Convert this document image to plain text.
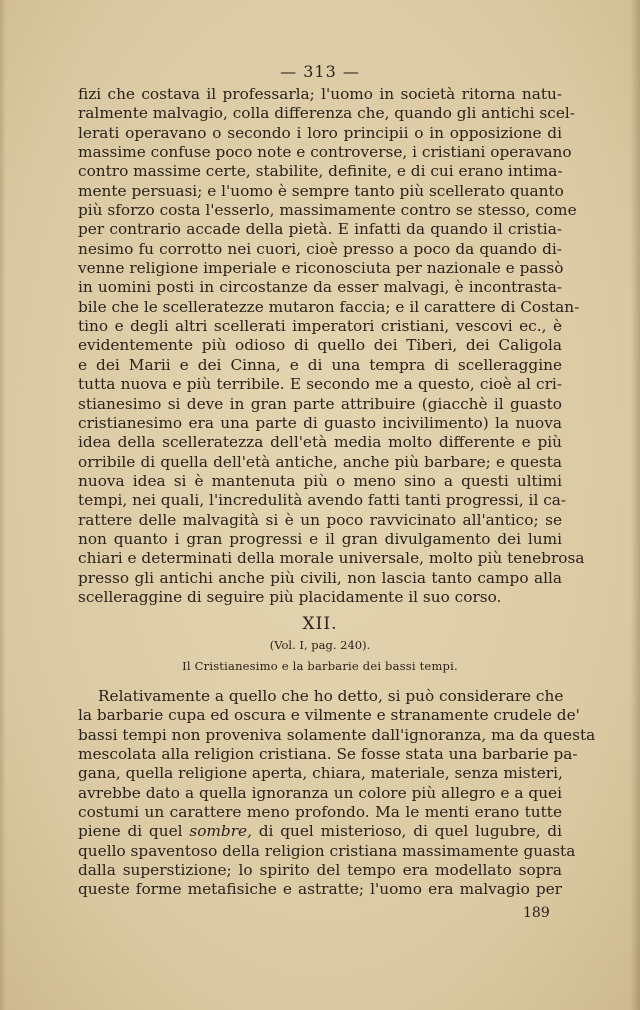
— 313 —
fizi che costava il professarla; l'uomo in società ritorna natu-
ralmente malvagio, colla differenza che, quando gli antichi scel-
lerati operavano o secondo i loro principii o in opposizione di
massime confuse poco note e controverse, i cristiani operavano
contro massime certe, stabilite, definite, e di cui erano intima-
mente persuasi; e l'uomo è sempre tanto più scellerato quanto
più sforzo costa l'esserlo, massimamente contro se stesso, come
per contrario accade della pietà. E infatti da quando il cristia-
nesimo fu corrotto nei cuori, cioè presso a poco da quando di-
venne religione imperiale e riconosciuta per nazionale e passò
in uomini posti in circostanze da esser malvagi, è incontrasta-
bile che le scelleratezze mutaron faccia; e il carattere di Costan-
tino e degli altri scellerati imperatori cristiani, vescovi ec., è
evidentemente più odioso di quello dei Tiberi, dei Caligola
e dei Marii e dei Cinna, e di una tempra di scelleraggine
tutta nuova e più terribile. E secondo me a questo, cioè al cri-
stianesimo si deve in gran parte attribuire (giacchè il guasto
cristianesimo era una parte di guasto incivilimento) la nuova
idea della scelleratezza dell'età media molto differente e più
orribile di quella dell'età antiche, anche più barbare; e questa
nuova idea si è mantenuta più o meno sino a questi ultimi
tempi, nei quali, l'incredulità avendo fatti tanti progressi, il ca-
rattere delle malvagità si è un poco ravvicinato all'antico; se
non quanto i gran progressi e il gran divulgamento dei lumi
chiari e determinati della morale universale, molto più tenebrosa
presso gli antichi anche più civili, non lascia tanto campo alla
scelleraggine di seguire più placidamente il suo corso.
XII.
(Vol. I, pag. 240).
Il Cristianesimo e la barbarie dei bassi tempi.
Relativamente a quello che ho detto, si può considerare che
la barbarie cupa ed oscura e vilmente e stranamente crudele de'
bassi tempi non proveniva solamente dall'ignoranza, ma da questa
mescolata alla religion cristiana. Se fosse stata una barbarie pa-
gana, quella religione aperta, chiara, materiale, senza misteri,
avrebbe dato a quella ignoranza un colore più allegro e a quei
costumi un carattere meno profondo. Ma le menti erano tutte
piene di quel sombre, di quel misterioso, di quel lugubre, di
quello spaventoso della religion cristiana massimamente guasta
dalla superstizione; lo spirito del tempo era modellato sopra
queste forme metafisiche e astratte; l'uomo era malvagio per
189
